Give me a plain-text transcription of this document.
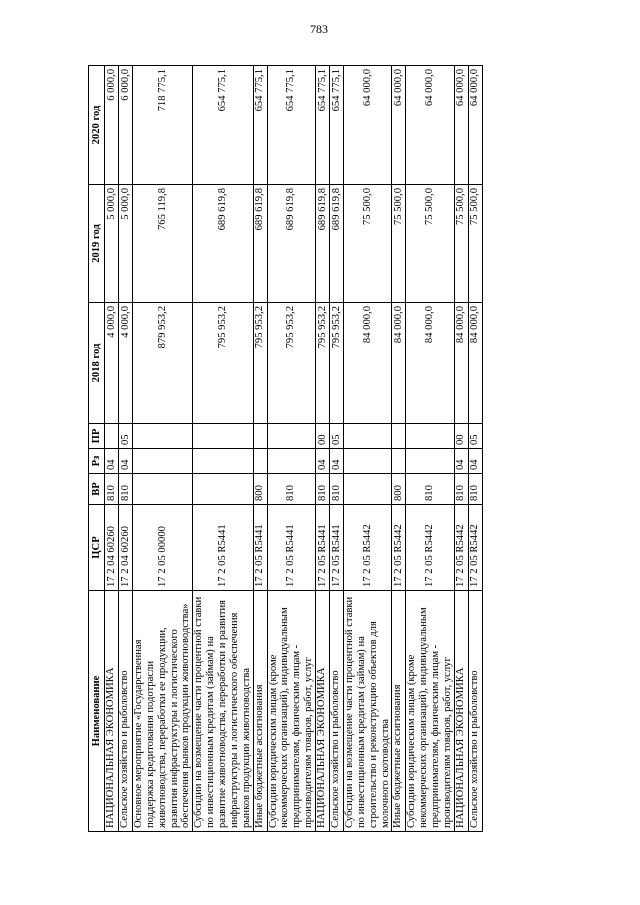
783
Наименование	ЦСР	ВР	Рз	ПР	2018 год	2019 год	2020 год
НАЦИОНАЛЬНАЯ ЭКОНОМИКА	17 2 04 60260	810	04		4 000,0	5 000,0	6 000,0
Сельское хозяйство и рыболовство	17 2 04 60260	810	04	05	4 000,0	5 000,0	6 000,0
Основное мероприятие «Государственная поддержка кредитования подотрасли животноводства, переработки ее продукции, развития инфраструктуры и логистического обеспечения рынков продукции животноводства»	17 2 05 00000				879 953,2	765 119,8	718 775,1
Субсидии на возмещение части процентной ставки по инвестиционным кредитам (займам) на развитие животноводства, переработки и развития инфраструктуры и логистического обеспечения рынков продукции животноводства	17 2 05 R5441				795 953,2	689 619,8	654 775,1
Иные бюджетные ассигнования	17 2 05 R5441	800			795 953,2	689 619,8	654 775,1
Субсидии юридическим лицам (кроме некоммерческих организаций), индивидуальным предпринимателям, физическим лицам - производителям товаров, работ, услуг	17 2 05 R5441	810			795 953,2	689 619,8	654 775,1
НАЦИОНАЛЬНАЯ ЭКОНОМИКА	17 2 05 R5441	810	04	00	795 953,2	689 619,8	654 775,1
Сельское хозяйство и рыболовство	17 2 05 R5441	810	04	05	795 953,2	689 619,8	654 775,1
Субсидии на возмещение части процентной ставки по инвестиционным кредитам (займам) на строительство и реконструкцию объектов для молочного скотоводства	17 2 05 R5442				84 000,0	75 500,0	64 000,0
Иные бюджетные ассигнования	17 2 05 R5442	800			84 000,0	75 500,0	64 000,0
Субсидии юридическим лицам (кроме некоммерческих организаций), индивидуальным предпринимателям, физическим лицам - производителям товаров, работ, услуг	17 2 05 R5442	810			84 000,0	75 500,0	64 000,0
НАЦИОНАЛЬНАЯ ЭКОНОМИКА	17 2 05 R5442	810	04	00	84 000,0	75 500,0	64 000,0
Сельское хозяйство и рыболовство	17 2 05 R5442	810	04	05	84 000,0	75 500,0	64 000,0
